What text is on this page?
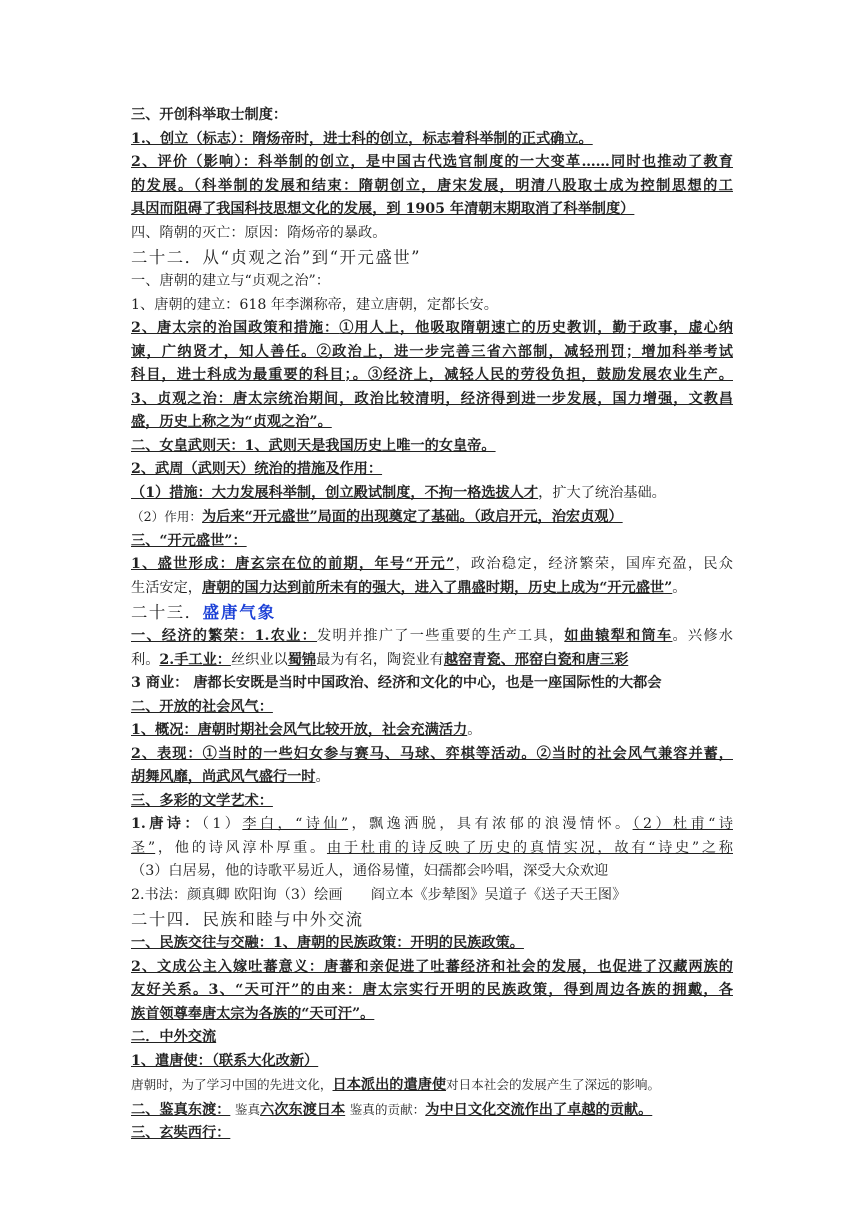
三、开创科举取士制度：
1.、创立（标志）：隋炀帝时，进士科的创立，标志着科举制的正式确立。
2、评价（影响）：科举制的创立，是中国古代选官制度的一大变革……同时也推动了教育
的发展。（科举制的发展和结束：隋朝创立，唐宋发展，明清八股取士成为控制思想的工
具因而阻碍了我国科技思想文化的发展，到 1905 年清朝末期取消了科举制度）
四、隋朝的灭亡：原因：隋炀帝的暴政。
二十二．从“贞观之治”到“开元盛世”
一、唐朝的建立与“贞观之治”：
1、唐朝的建立：618 年李渊称帝，建立唐朝，定都长安。
2、唐太宗的治国政策和措施：①用人上，他吸取隋朝速亡的历史教训，勤于政事，虚心纳
谏，广纳贤才，知人善任。②政治上，进一步完善三省六部制，减轻刑罚；增加科举考试
科目，进士科成为最重要的科目；。③经济上，减轻人民的劳役负担，鼓励发展农业生产。
3、贞观之治：唐太宗统治期间，政治比较清明，经济得到进一步发展，国力增强，文教昌
盛，历史上称之为“贞观之治”。
二、女皇武则天：1、武则天是我国历史上唯一的女皇帝。
2、武周（武则天）统治的措施及作用：
（1）措施：大力发展科举制，创立殿试制度，不拘一格选拔人才，扩大了统治基础。
（2）作用：为后来“开元盛世”局面的出现奠定了基础。（政启开元，治宏贞观）
三、“开元盛世”：
1、盛世形成：唐玄宗在位的前期，年号“开元”，政治稳定，经济繁荣，国库充盈，民众
生活安定，唐朝的国力达到前所未有的强大，进入了鼎盛时期，历史上成为“开元盛世”。
二十三．盛唐气象
一、经济的繁荣：1.农业：发明并推广了一些重要的生产工具，如曲辕犁和筒车。兴修水
利。2.手工业：丝织业以蜀锦最为有名，陶瓷业有越窑青瓷、邢窑白瓷和唐三彩
3 商业： 唐都长安既是当时中国政治、经济和文化的中心，也是一座国际性的大都会
二、开放的社会风气：
1、概况：唐朝时期社会风气比较开放，社会充满活力。
2、表现：①当时的一些妇女参与赛马、马球、弈棋等活动。②当时的社会风气兼容并蓄，
胡舞风靡，尚武风气盛行一时。
三、多彩的文学艺术：
1.唐诗：（1）李白，“诗仙”，飘逸洒脱，具有浓郁的浪漫情怀。（2）杜甫“诗
圣”，他的诗风淳朴厚重。由于杜甫的诗反映了历史的真情实况，故有“诗史”之称
（3）白居易，他的诗歌平易近人，通俗易懂，妇孺都会吟唱，深受大众欢迎
2.书法：颜真卿 欧阳询（3）绘画　　阎立本《步辇图》吴道子《送子天王图》
二十四．民族和睦与中外交流
一、民族交往与交融：1、唐朝的民族政策：开明的民族政策。
2、文成公主入嫁吐蕃意义：唐蕃和亲促进了吐蕃经济和社会的发展，也促进了汉藏两族的
友好关系。3、“天可汗”的由来：唐太宗实行开明的民族政策，得到周边各族的拥戴，各
族首领尊奉唐太宗为各族的“天可汗”。
二．中外交流
1、遣唐使：（联系大化改新）
唐朝时，为了学习中国的先进文化，日本派出的遣唐使对日本社会的发展产生了深远的影响。
二、鉴真东渡： 鉴真六次东渡日本 鉴真的贡献：为中日文化交流作出了卓越的贡献。
三、玄奘西行：
